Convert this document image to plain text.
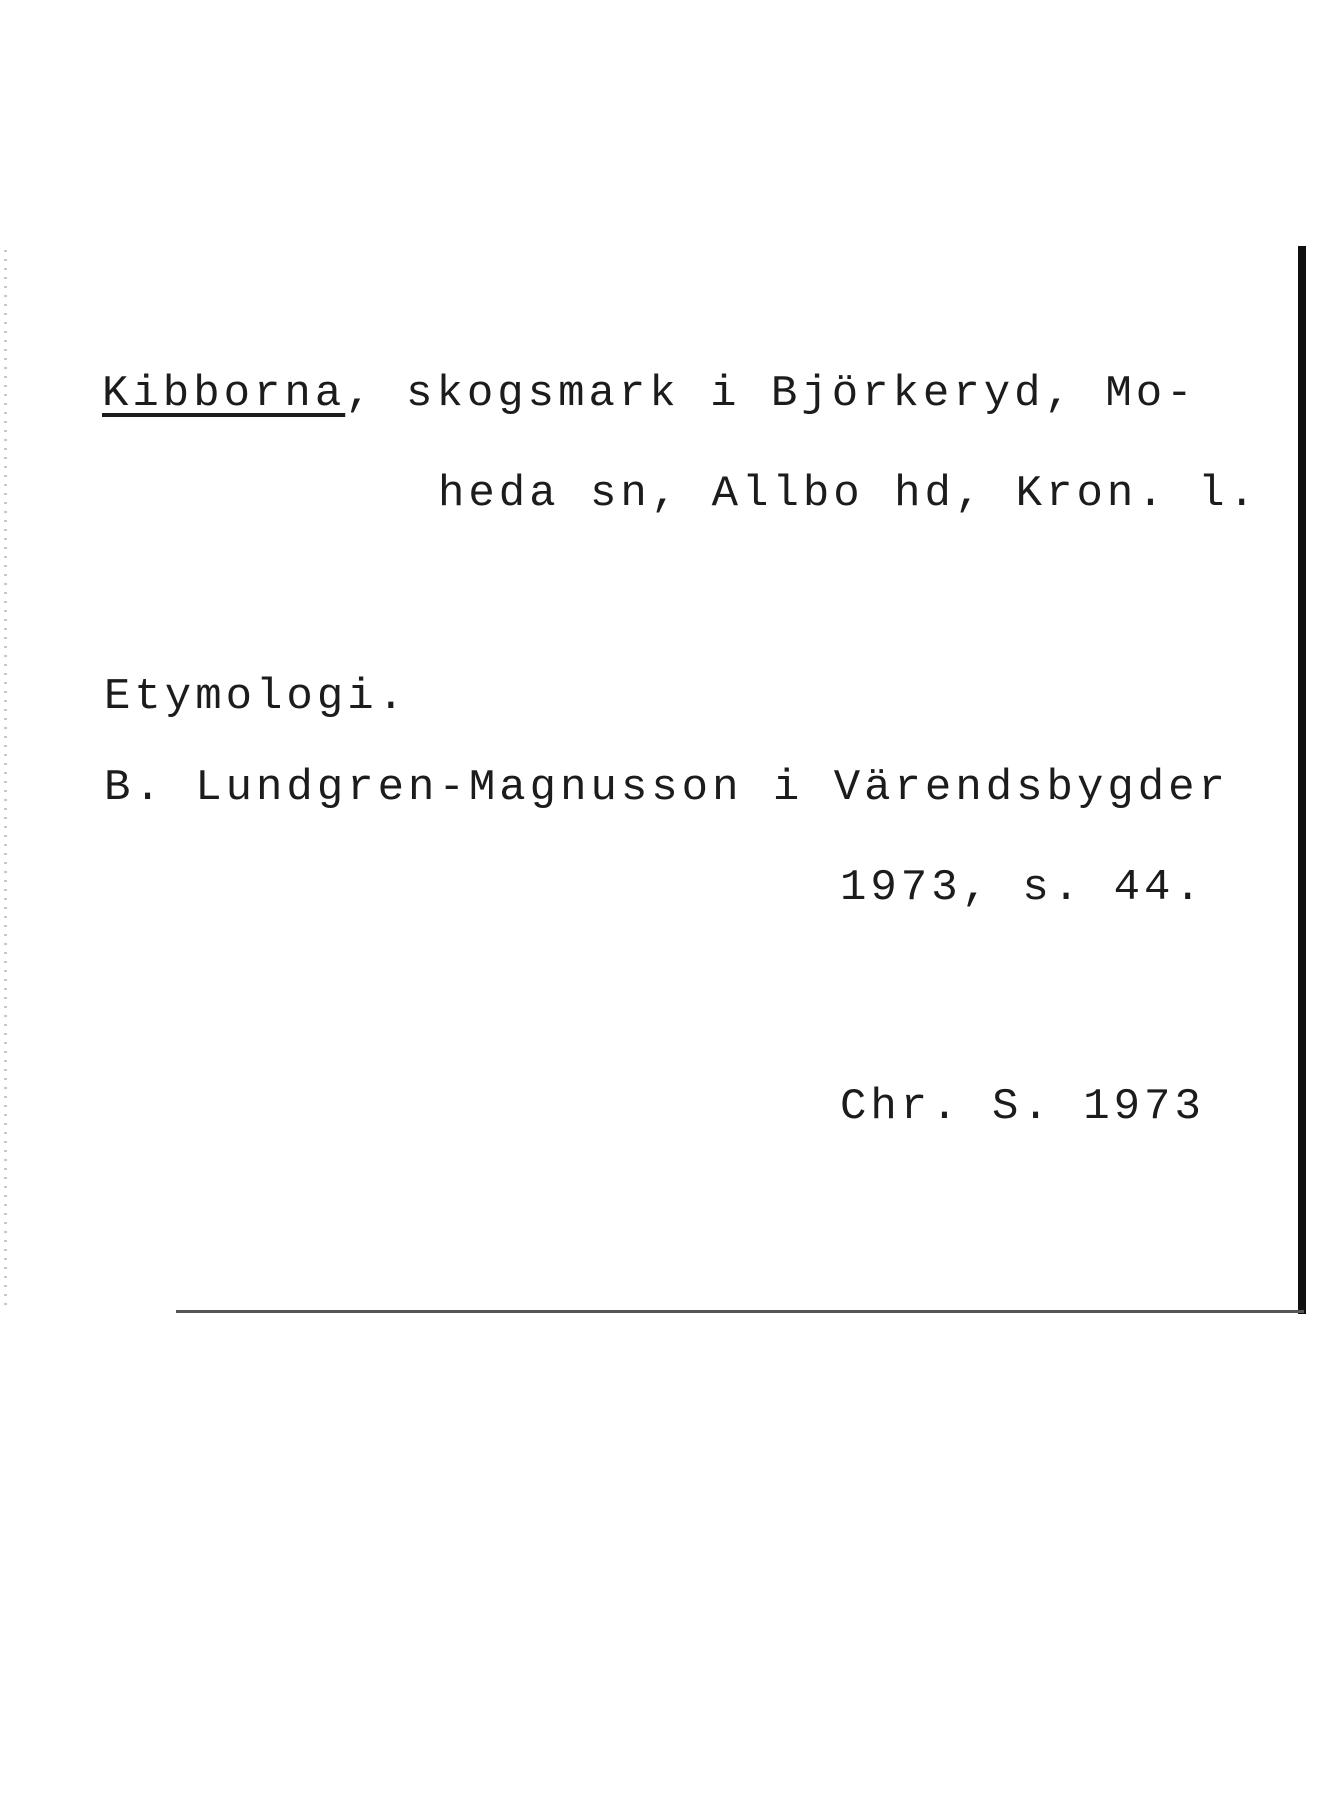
Kibborna, skogsmark i Björkeryd, Mo-
heda sn, Allbo hd, Kron. l.
Etymologi.
B. Lundgren-Magnusson i Värendsbygder
1973, s. 44.
Chr. S. 1973
